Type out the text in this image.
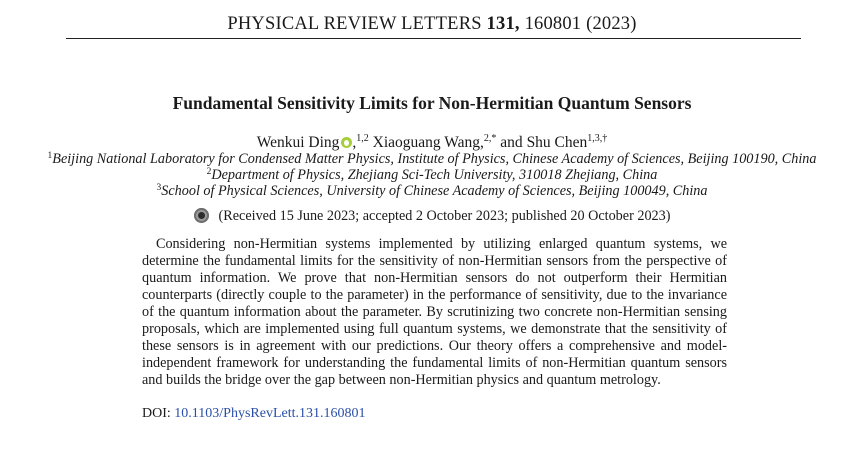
PHYSICAL REVIEW LETTERS 131, 160801 (2023)
Fundamental Sensitivity Limits for Non-Hermitian Quantum Sensors
Wenkui Ding ,$^{1,2}$ Xiaoguang Wang,$^{2,*}$ and Shu Chen$^{1,3,\dagger}$
$^1$Beijing National Laboratory for Condensed Matter Physics, Institute of Physics, Chinese Academy of Sciences, Beijing 100190, China
$^2$Department of Physics, Zhejiang Sci-Tech University, 310018 Zhejiang, China
$^3$School of Physical Sciences, University of Chinese Academy of Sciences, Beijing 100049, China
(Received 15 June 2023; accepted 2 October 2023; published 20 October 2023)

Considering non-Hermitian systems implemented by utilizing enlarged quantum systems, we determine the fundamental limits for the sensitivity of non-Hermitian sensors from the perspective of quantum information. We prove that non-Hermitian sensors do not outperform their Hermitian counterparts (directly couple to the parameter) in the performance of sensitivity, due to the invariance of the quantum information about the parameter. By scrutinizing two concrete non-Hermitian sensing proposals, which are implemented using full quantum systems, we demonstrate that the sensitivity of these sensors is in agreement with our predictions. Our theory offers a comprehensive and model-independent framework for understanding the fundamental limits of non-Hermitian quantum sensors and builds the bridge over the gap between non-Hermitian physics and quantum metrology.

DOI: 10.1103/PhysRevLett.131.160801
